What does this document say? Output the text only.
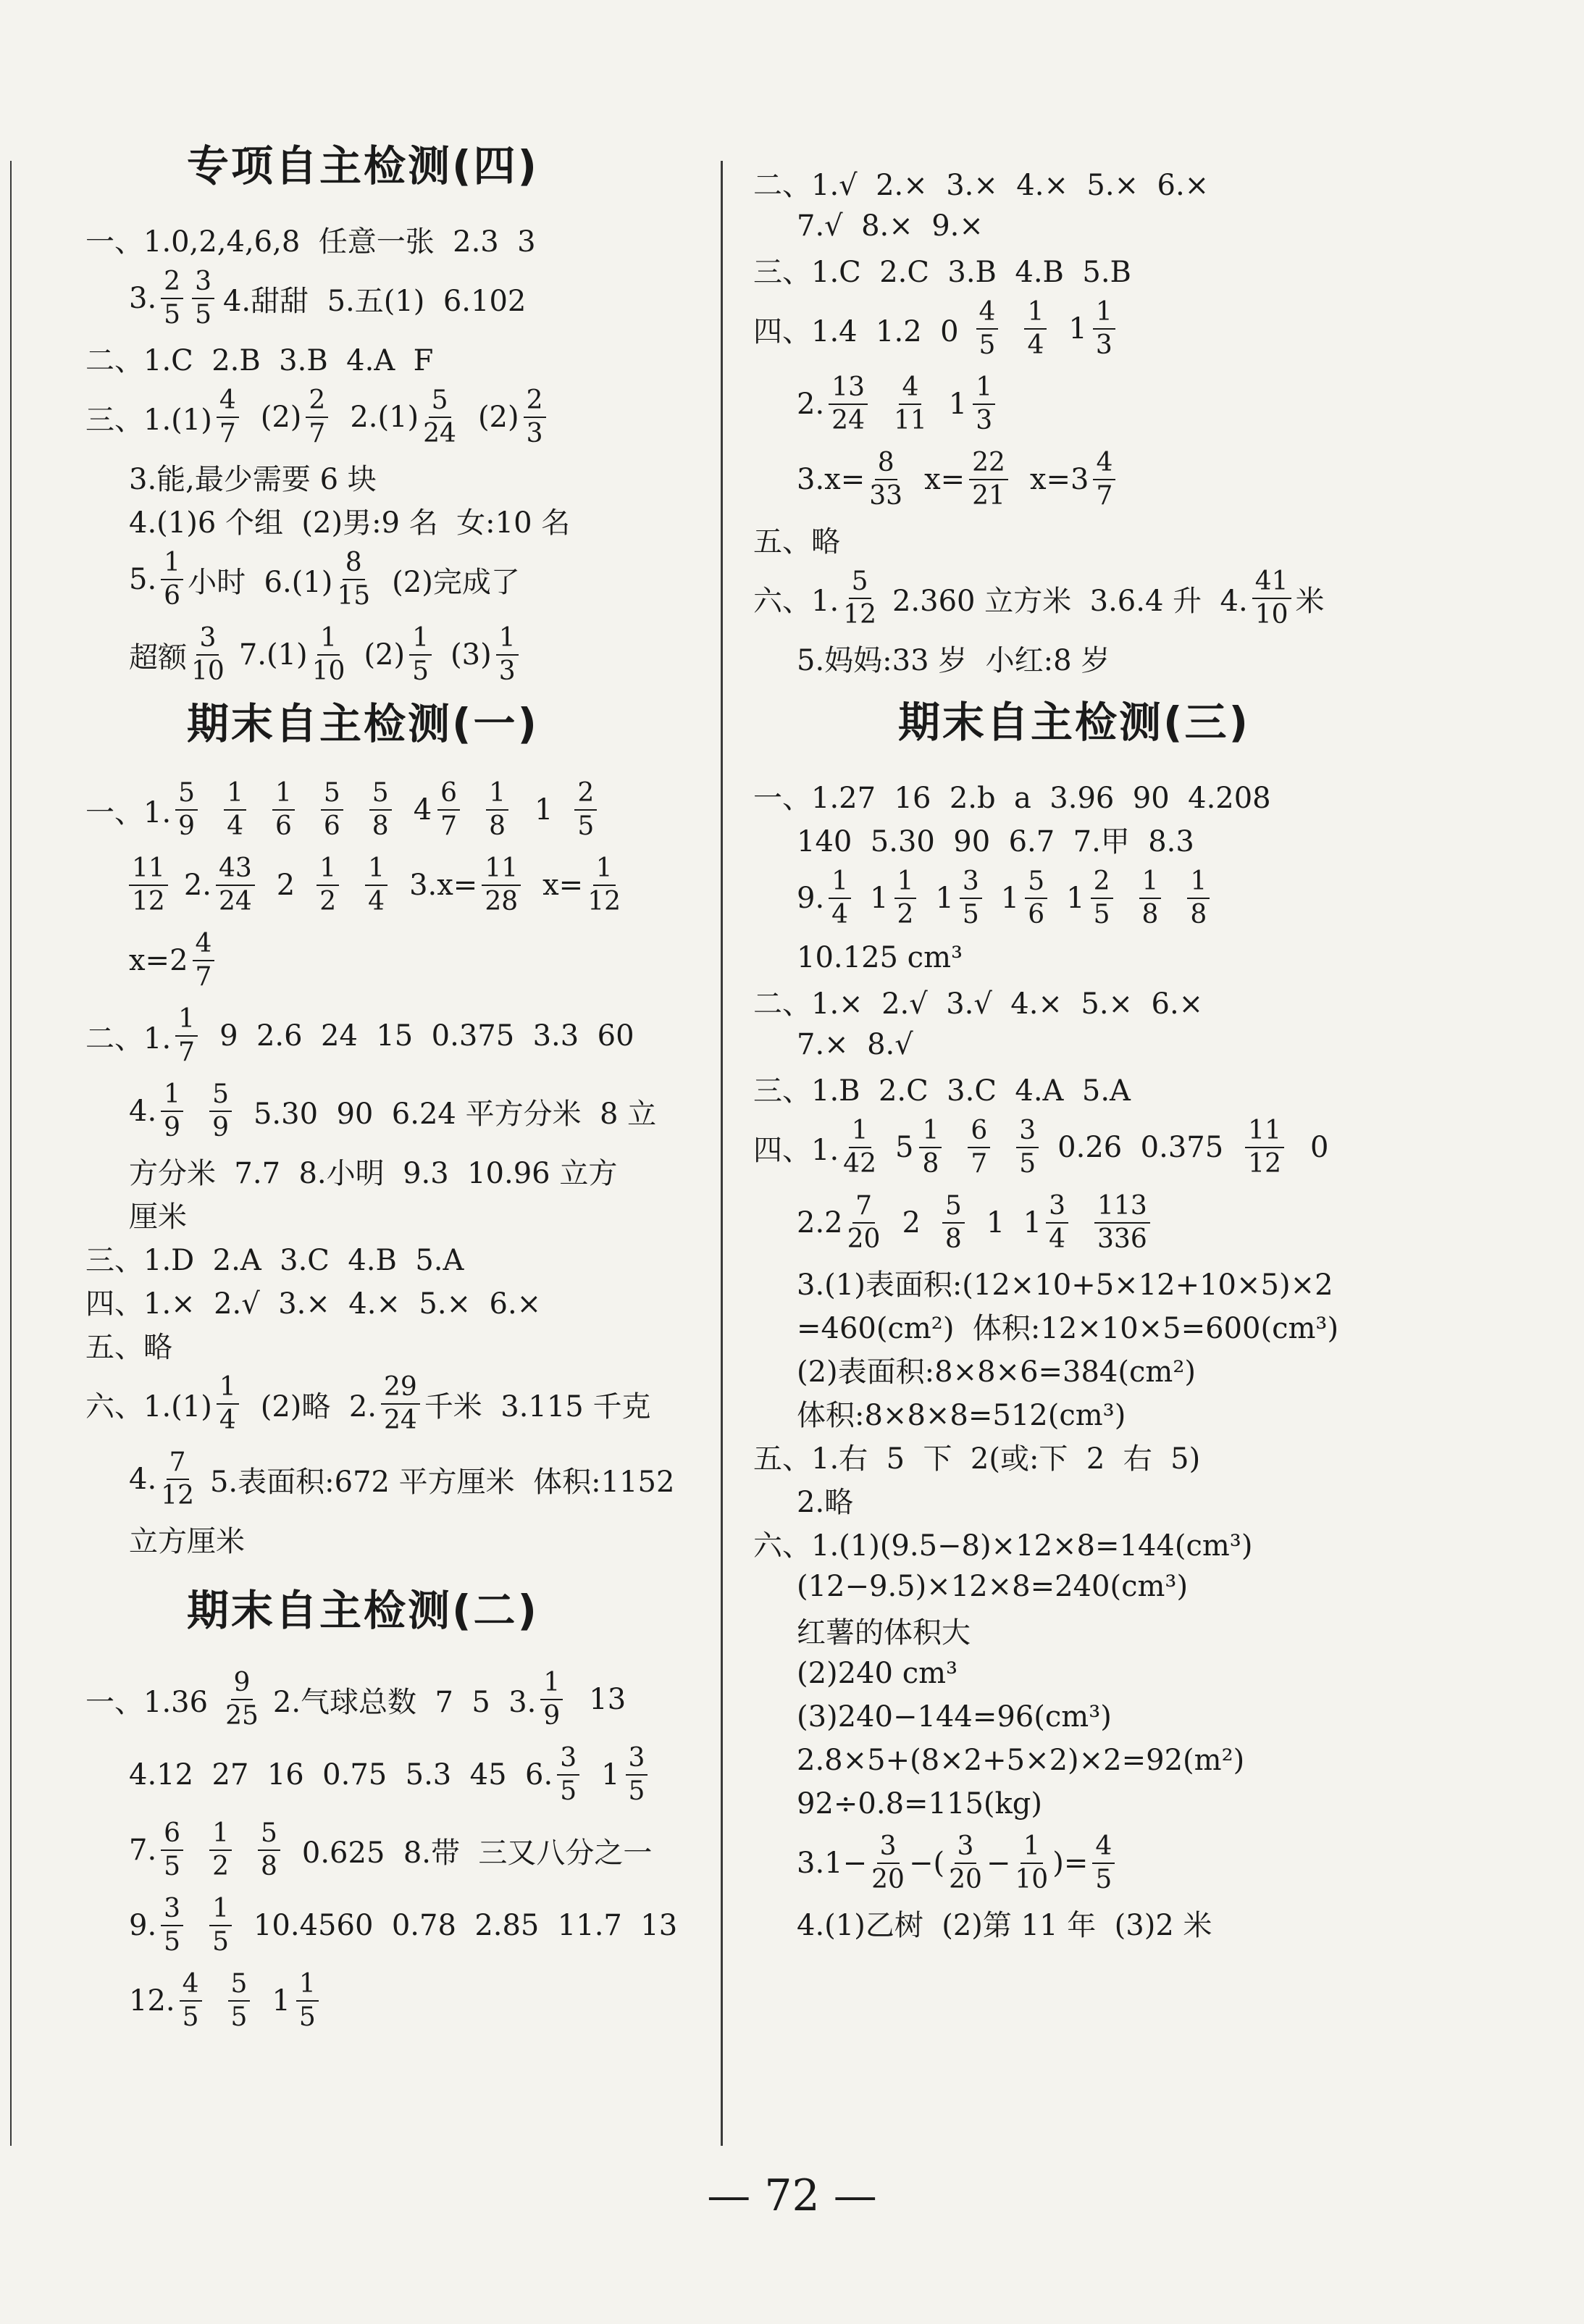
专项自主检测(四)
一、1.0,2,4,6,8  任意一张  2.3  3
3. $\frac{2}{5} \frac{3}{5} 4$.甜甜  5.五(1)  6.102
二、1.C  2.B  3.B  4.A  F
三、$1.(1) \frac{4}{7} (2) \frac{2}{7} 2.(1) \frac{5}{24} (2) \frac{2}{3}$
3.能,最少需要 6 块
4.(1)6 个组  (2)男:9 名  女:10 名
5. $\frac{1}{6}$ 小时  $6.(1) \frac{8}{15} (2)$完成了
超额 $\frac{3}{10} 7.(1) \frac{1}{10} (2) \frac{1}{5} (3) \frac{1}{3}$
期末自主检测(一)
一、1. $\frac{5}{9} \frac{1}{4} \frac{1}{6} \frac{5}{6} \frac{5}{8} 4 \frac{6}{7} \frac{1}{8} 1 \frac{2}{5}$
$\frac{11}{12} 2$. $\frac{43}{24} 2 \frac{1}{2} \frac{1}{4} 3.x= \frac{11}{28} x= \frac{1}{12}$
$x=2 \frac{4}{7}$
二、1. $\frac{1}{7} 9$  2.6  24  15  0.375  3.3  60
4. $\frac{1}{9} \frac{5}{9} 5.30$  90  6.24 平方分米  8 立
方分米  7.7  8.小明  9.3  10.96 立方
厘米
三、1.D  2.A  3.C  4.B  5.A
四、1.×  2.√  3.×  4.×  5.×  6.×
五、略
六、$1.(1) \frac{1}{4} (2)$略  2. $\frac{29}{24}$ 千米  3.115 千克
4. $\frac{7}{12} 5$.表面积:672 平方厘米  体积:1152
立方厘米
期末自主检测(二)
一、$1.36 \frac{9}{25} 2$.气球总数  7  5  3. $\frac{1}{9} 13$
4.12  27  16  0.75  5.3  45  6. $\frac{3}{5} 1 \frac{3}{5}$
7. $\frac{6}{5} \frac{1}{2} \frac{5}{8} 0.625$  8.带  三又八分之一
9. $\frac{3}{5} \frac{1}{5} 10.4560$  0.78  2.85  11.7  13
12. $\frac{4}{5} \frac{5}{5} 1 \frac{1}{5}$
二、1.√  2.×  3.×  4.×  5.×  6.×
7.√  8.×  9.×
三、1.C  2.C  3.B  4.B  5.B
四、1.4  1.2  $0 \frac{4}{5} \frac{1}{4} 1 \frac{1}{3}$
2. $\frac{13}{24} \frac{4}{11} 1 \frac{1}{3}$
$3.x= \frac{8}{33} x= \frac{22}{21} x=3 \frac{4}{7}$
五、略
六、1. $\frac{5}{12} 2.360$ 立方米  3.6.4 升  4. $\frac{41}{10}$ 米
5.妈妈:33 岁  小红:8 岁
期末自主检测(三)
一、1.27  16  2.b  a  3.96  90  4.208
140  5.30  90  6.7  7.甲  8.3
9. $\frac{1}{4} 1 \frac{1}{2} 1 \frac{3}{5} 1 \frac{5}{6} 1 \frac{2}{5} \frac{1}{8} \frac{1}{8}$
10.125 cm³
二、1.×  2.√  3.√  4.×  5.×  6.×
7.×  8.√
三、1.B  2.C  3.C  4.A  5.A
四、1. $\frac{1}{42} 5 \frac{1}{8} \frac{6}{7} \frac{3}{5} 0.26$  $0.375 \frac{11}{12} 0$
$2.2 \frac{7}{20} 2 \frac{5}{8} 1$  $1 \frac{3}{4} \frac{113}{336}$
3.(1)表面积:(12×10+5×12+10×5)×2
=460(cm²)  体积:12×10×5=600(cm³)
(2)表面积:8×8×6=384(cm²)
体积:8×8×8=512(cm³)
五、1.右  5  下  2(或:下  2  右  5)
2.略
六、1.(1)(9.5−8)×12×8=144(cm³)
(12−9.5)×12×8=240(cm³)
红薯的体积大
(2)240 cm³
(3)240−144=96(cm³)
2.8×5+(8×2+5×2)×2=92(m²)
92÷0.8=115(kg)
$3.1- \frac{3}{20}$ −( $\frac{3}{20} - \frac{1}{10}$ )= $\frac{4}{5}$
4.(1)乙树  (2)第 11 年  (3)2 米
— 72 —
